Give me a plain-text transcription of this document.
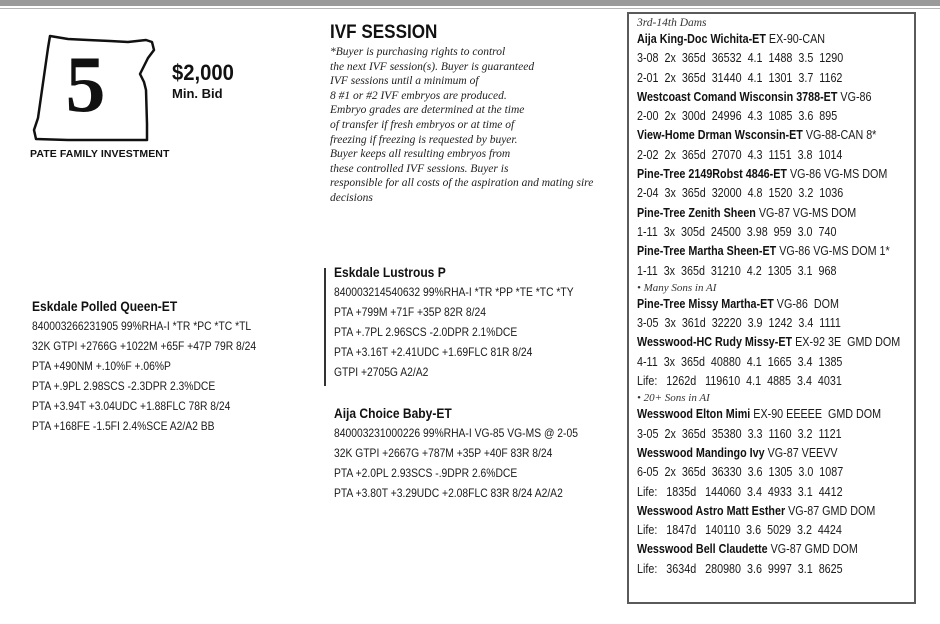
5	$2,000
Min. Bid
PATE FAMILY INVESTMENT
IVF SESSION
*Buyer is purchasing rights to control
the next IVF session(s). Buyer is guaranteed
IVF sessions until a minimum of
8 #1 or #2 IVF embryos are produced.
Embryo grades are determined at the time
of transfer if fresh embryos or at time of
freezing if freezing is requested by buyer.
Buyer keeps all resulting embryos from
these controlled IVF sessions. Buyer is
responsible for all costs of the aspiration and mating sire
decisions
Eskdale Polled Queen-ET
840003266231905 99%RHA-I *TR *PC *TC *TL
32K GTPI +2766G +1022M +65F +47P 79R 8/24
PTA +490NM +.10%F +.06%P
PTA +.9PL 2.98SCS -2.3DPR 2.3%DCE
PTA +3.94T +3.04UDC +1.88FLC 78R 8/24
PTA +168FE -1.5FI 2.4%SCE A2/A2 BB
Eskdale Lustrous P
840003214540632 99%RHA-I *TR *PP *TE *TC *TY
PTA +799M +71F +35P 82R 8/24
PTA +.7PL 2.96SCS -2.0DPR 2.1%DCE
PTA +3.16T +2.41UDC +1.69FLC 81R 8/24
GTPI +2705G A2/A2
Aija Choice Baby-ET
840003231000226 99%RHA-I VG-85 VG-MS @ 2-05
32K GTPI +2667G +787M +35P +40F 83R 8/24
PTA +2.0PL 2.93SCS -.9DPR 2.6%DCE
PTA +3.80T +3.29UDC +2.08FLC 83R 8/24 A2/A2
3rd-14th Dams
Aija King-Doc Wichita-ET EX-90-CAN
3-08  2x  365d  36532  4.1  1488  3.5  1290
2-01  2x  365d  31440  4.1  1301  3.7  1162
Westcoast Comand Wisconsin 3788-ET VG-86
2-00  2x  300d  24996  4.3  1085  3.6  895
View-Home Drman Wsconsin-ET VG-88-CAN 8*
2-02  2x  365d  27070  4.3  1151  3.8  1014
Pine-Tree 2149Robst 4846-ET VG-86 VG-MS DOM
2-04  3x  365d  32000  4.8  1520  3.2  1036
Pine-Tree Zenith Sheen VG-87 VG-MS DOM
1-11  3x  305d  24500  3.98  959  3.0  740
Pine-Tree Martha Sheen-ET VG-86 VG-MS DOM 1*
1-11  3x  365d  31210  4.2  1305  3.1  968
• Many Sons in AI
Pine-Tree Missy Martha-ET VG-86  DOM
3-05  3x  361d  32220  3.9  1242  3.4  1111
Wesswood-HC Rudy Missy-ET EX-92 3E  GMD DOM
4-11  3x  365d  40880  4.1  1665  3.4  1385
Life:   1262d   119610  4.1  4885  3.4  4031
• 20+ Sons in AI
Wesswood Elton Mimi EX-90 EEEEE  GMD DOM
3-05  2x  365d  35380  3.3  1160  3.2  1121
Wesswood Mandingo Ivy VG-87 VEEVV
6-05  2x  365d  36330  3.6  1305  3.0  1087
Life:   1835d   144060  3.4  4933  3.1  4412
Wesswood Astro Matt Esther VG-87 GMD DOM
Life:   1847d   140110  3.6  5029  3.2  4424
Wesswood Bell Claudette VG-87 GMD DOM
Life:   3634d   280980  3.6  9997  3.1  8625
